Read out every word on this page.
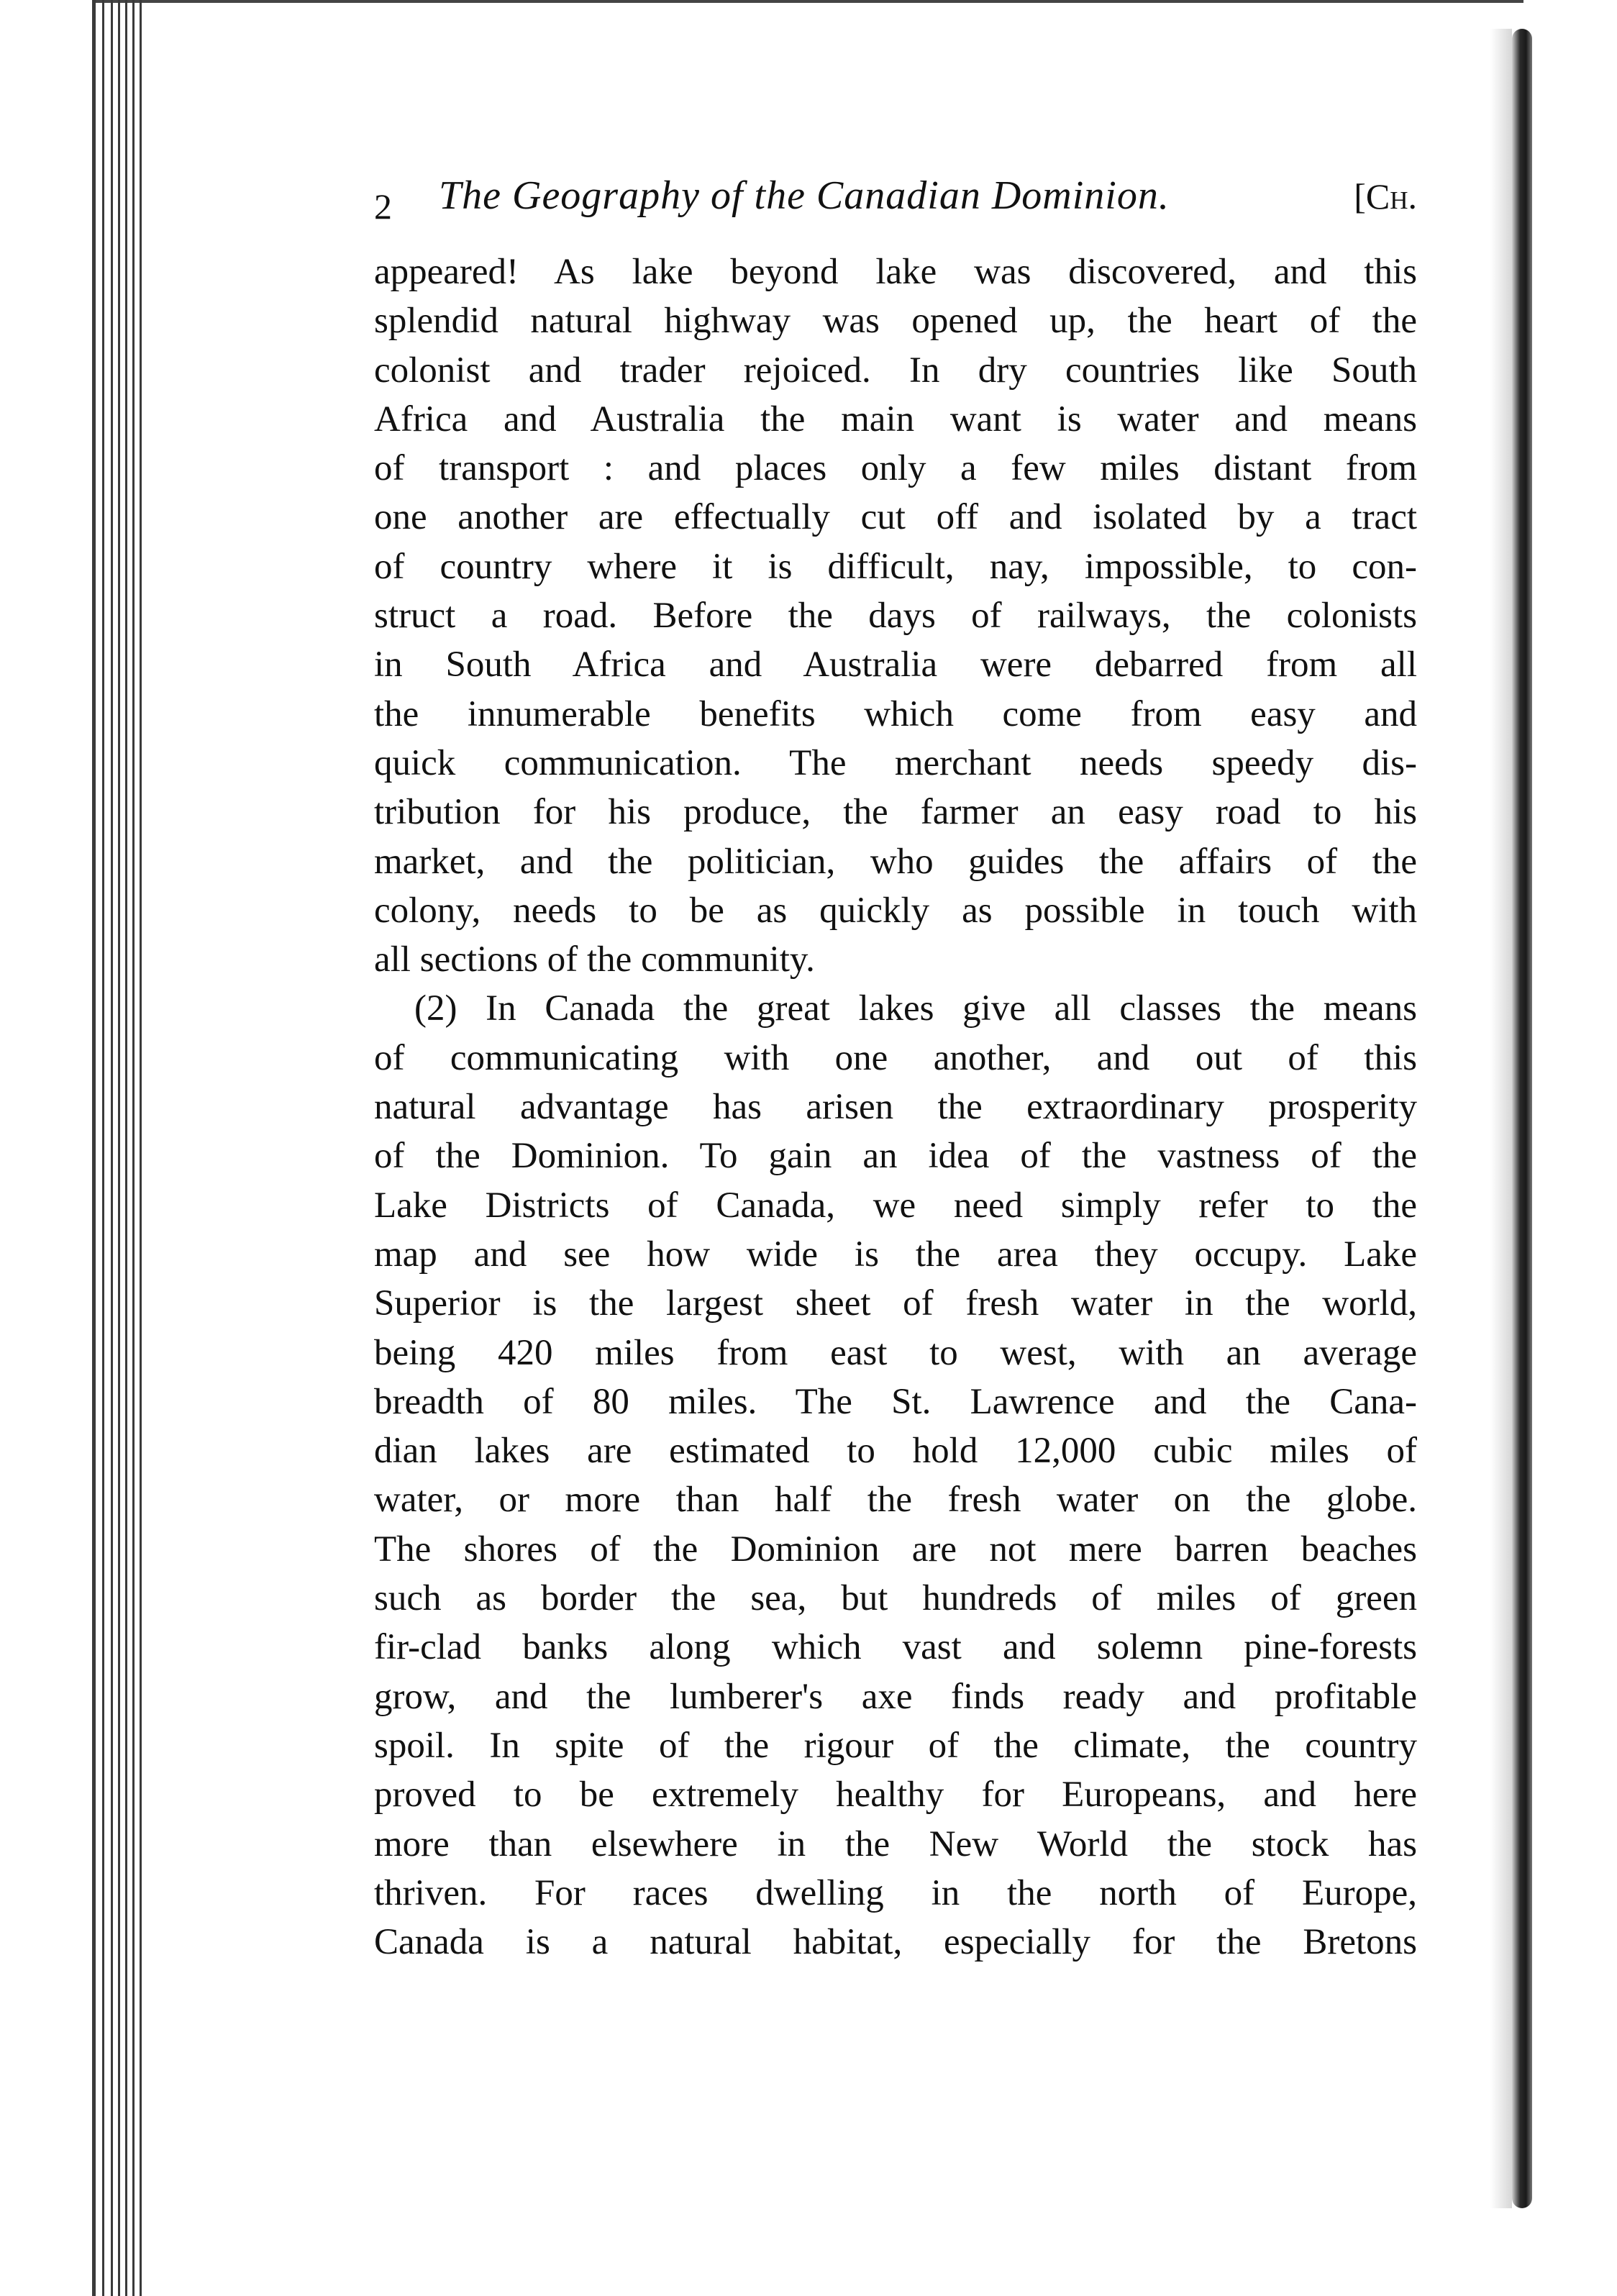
2 The Geography of the Canadian Dominion.	[Ch.
appeared! As lake beyond lake was discovered, and this
splendid natural highway was opened up, the heart of the
colonist and trader rejoiced. In dry countries like South
Africa and Australia the main want is water and means
of transport : and places only a few miles distant from
one another are effectually cut off and isolated by a tract
of country where it is difficult, nay, impossible, to con-
struct a road. Before the days of railways, the colonists
in South Africa and Australia were debarred from all
the innumerable benefits which come from easy and
quick communication. The merchant needs speedy dis-
tribution for his produce, the farmer an easy road to his
market, and the politician, who guides the affairs of the
colony, needs to be as quickly as possible in touch with
all sections of the community.
(2) In Canada the great lakes give all classes the means
of communicating with one another, and out of this
natural advantage has arisen the extraordinary prosperity
of the Dominion. To gain an idea of the vastness of the
Lake Districts of Canada, we need simply refer to the
map and see how wide is the area they occupy. Lake
Superior is the largest sheet of fresh water in the world,
being 420 miles from east to west, with an average
breadth of 80 miles. The St. Lawrence and the Cana-
dian lakes are estimated to hold 12,000 cubic miles of
water, or more than half the fresh water on the globe.
The shores of the Dominion are not mere barren beaches
such as border the sea, but hundreds of miles of green
fir-clad banks along which vast and solemn pine-forests
grow, and the lumberer's axe finds ready and profitable
spoil. In spite of the rigour of the climate, the country
proved to be extremely healthy for Europeans, and here
more than elsewhere in the New World the stock has
thriven. For races dwelling in the north of Europe,
Canada is a natural habitat, especially for the Bretons
